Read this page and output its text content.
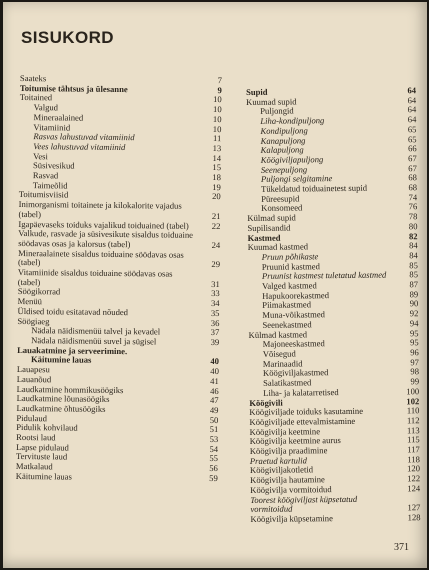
SISUKORD
Saateks	7
Toitumise tähtsus ja ülesanne	9
Toitained	10
Valgud	10
Mineraalained	10
Vitamiinid	10
Rasvas lahustuvad vitamiinid	11
Vees lahustuvad vitamiinid	13
Vesi	14
Süsivesikud	15
Rasvad	18
Taimeõlid	19
Toitumisviisid	20
Inimorganismi toitainete ja kilokalorite vajadus (tabel)	21
Igapäevaseks toiduks vajalikud toiduained (tabel)	22
Valkude, rasvade ja süsivesikute sisaldus toiduaine söödavas osas ja kalorsus (tabel)	24
Mineraalainete sisaldus toiduaine söödavas osas (tabel)	29
Vitamiinide sisaldus toiduaine söödavas osas (tabel)	31
Söögikorrad	33
Menüü	34
Üldised toidu esitatavad nõuded	35
Söögiaeg	36
Nädala näidismenüü talvel ja kevadel	37
Nädala näidismenüü suvel ja sügisel	39
Lauakatmine ja serveerimine.
Käitumine lauas	40
Lauapesu	40
Lauanõud	41
Laudkatmine hommikusöögiks	46
Laudkatmine lõunasöögiks	47
Laudkatmine õhtusöögiks	49
Pidulaud	50
Pidulik kohvilaud	51
Rootsi laud	53
Lapse pidulaud	54
Tervituste laud	55
Matkalaud	56
Käitumine lauas	59
Supid	64
Kuumad supid	64
Puljongid	64
Liha-kondipuljong	64
Kondipuljong	65
Kanapuljong	65
Kalapuljong	66
Köögiviljapuljong	67
Seenepuljong	67
Puljongi selgitamine	68
Tükeldatud toiduainetest supid	68
Püreesupid	74
Konsomeed	76
Külmad supid	78
Supilisandid	80
Kastmed	82
Kuumad kastmed	84
Pruun põhikaste	84
Pruunid kastmed	85
Pruunist kastmest tuletatud kastmed	85
Valged kastmed	87
Hapukoorekastmed	89
Piimakastmed	90
Muna-võikastmed	92
Seenekastmed	94
Külmad kastmed	95
Majoneeskastmed	95
Võisegud	96
Marinaadid	97
Köögiviljakastmed	98
Salatikastmed	99
Liha- ja kalatarretised	100
Köögivili	102
Köögiviljade toiduks kasutamine	110
Köögiviljade ettevalmistamine	112
Köögivilja keetmine	113
Köögivilja keetmine aurus	115
Köögivilja praadimine	117
Praetud kartulid	118
Köögiviljakotletid	120
Köögivilja hautamine	122
Köögivilja vormitoidud	124
Toorest köögiviljast küpsetatud vormitoidud	127
Köögivilja küpsetamine	128
371
